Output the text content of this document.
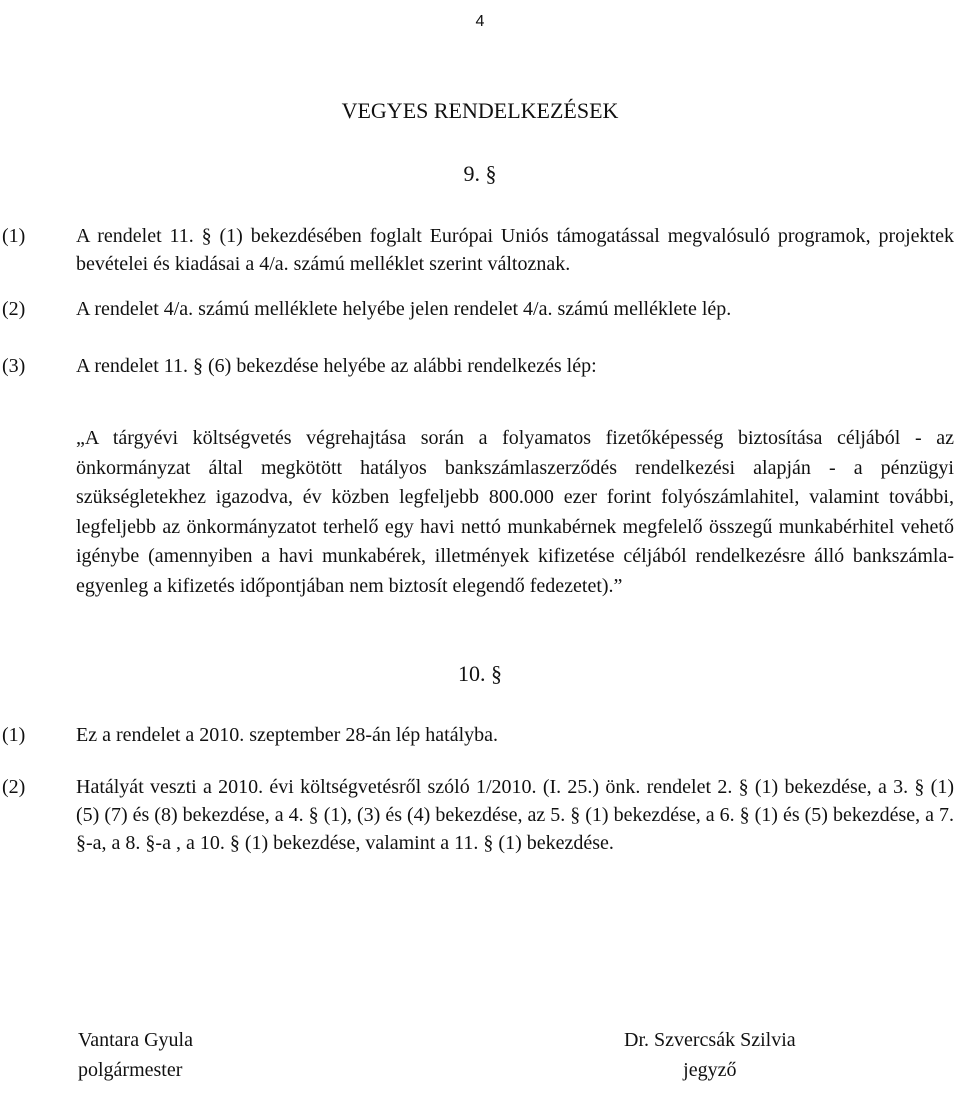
4
VEGYES RENDELKEZÉSEK
9. §
(1)	A rendelet 11. § (1) bekezdésében foglalt Európai Uniós támogatással megvalósuló programok, projektek bevételei és kiadásai a 4/a. számú melléklet szerint változnak.
(2)	A rendelet 4/a. számú melléklete helyébe jelen rendelet 4/a. számú melléklete lép.
(3)	A rendelet 11. § (6) bekezdése helyébe az alábbi rendelkezés lép:
„A tárgyévi költségvetés végrehajtása során a folyamatos fizetőképesség biztosítása céljából - az önkormányzat által megkötött hatályos bankszámlaszerződés rendelkezési alapján - a pénzügyi szükségletekhez igazodva, év közben legfeljebb 800.000 ezer forint folyószámlahitel, valamint további, legfeljebb az önkormányzatot terhelő egy havi nettó munkabérnek megfelelő összegű munkabérhitel vehető igénybe (amennyiben a havi munkabérek, illetmények kifizetése céljából rendelkezésre álló bankszámla-egyenleg a kifizetés időpontjában nem biztosít elegendő fedezetet).”
10. §
(1)	Ez a rendelet a 2010. szeptember 28-án lép hatályba.
(2)	Hatályát veszti a 2010. évi költségvetésről szóló 1/2010. (I. 25.) önk. rendelet 2. § (1) bekezdése, a 3. § (1) (5) (7) és (8) bekezdése, a 4. § (1), (3) és (4) bekezdése, az 5. § (1) bekezdése, a 6. § (1) és (5) bekezdése, a 7. §-a, a 8. §-a , a 10. § (1) bekezdése, valamint a 11. § (1) bekezdése.
Vantara Gyula
polgármester
Dr. Szvercsák Szilvia
jegyző
